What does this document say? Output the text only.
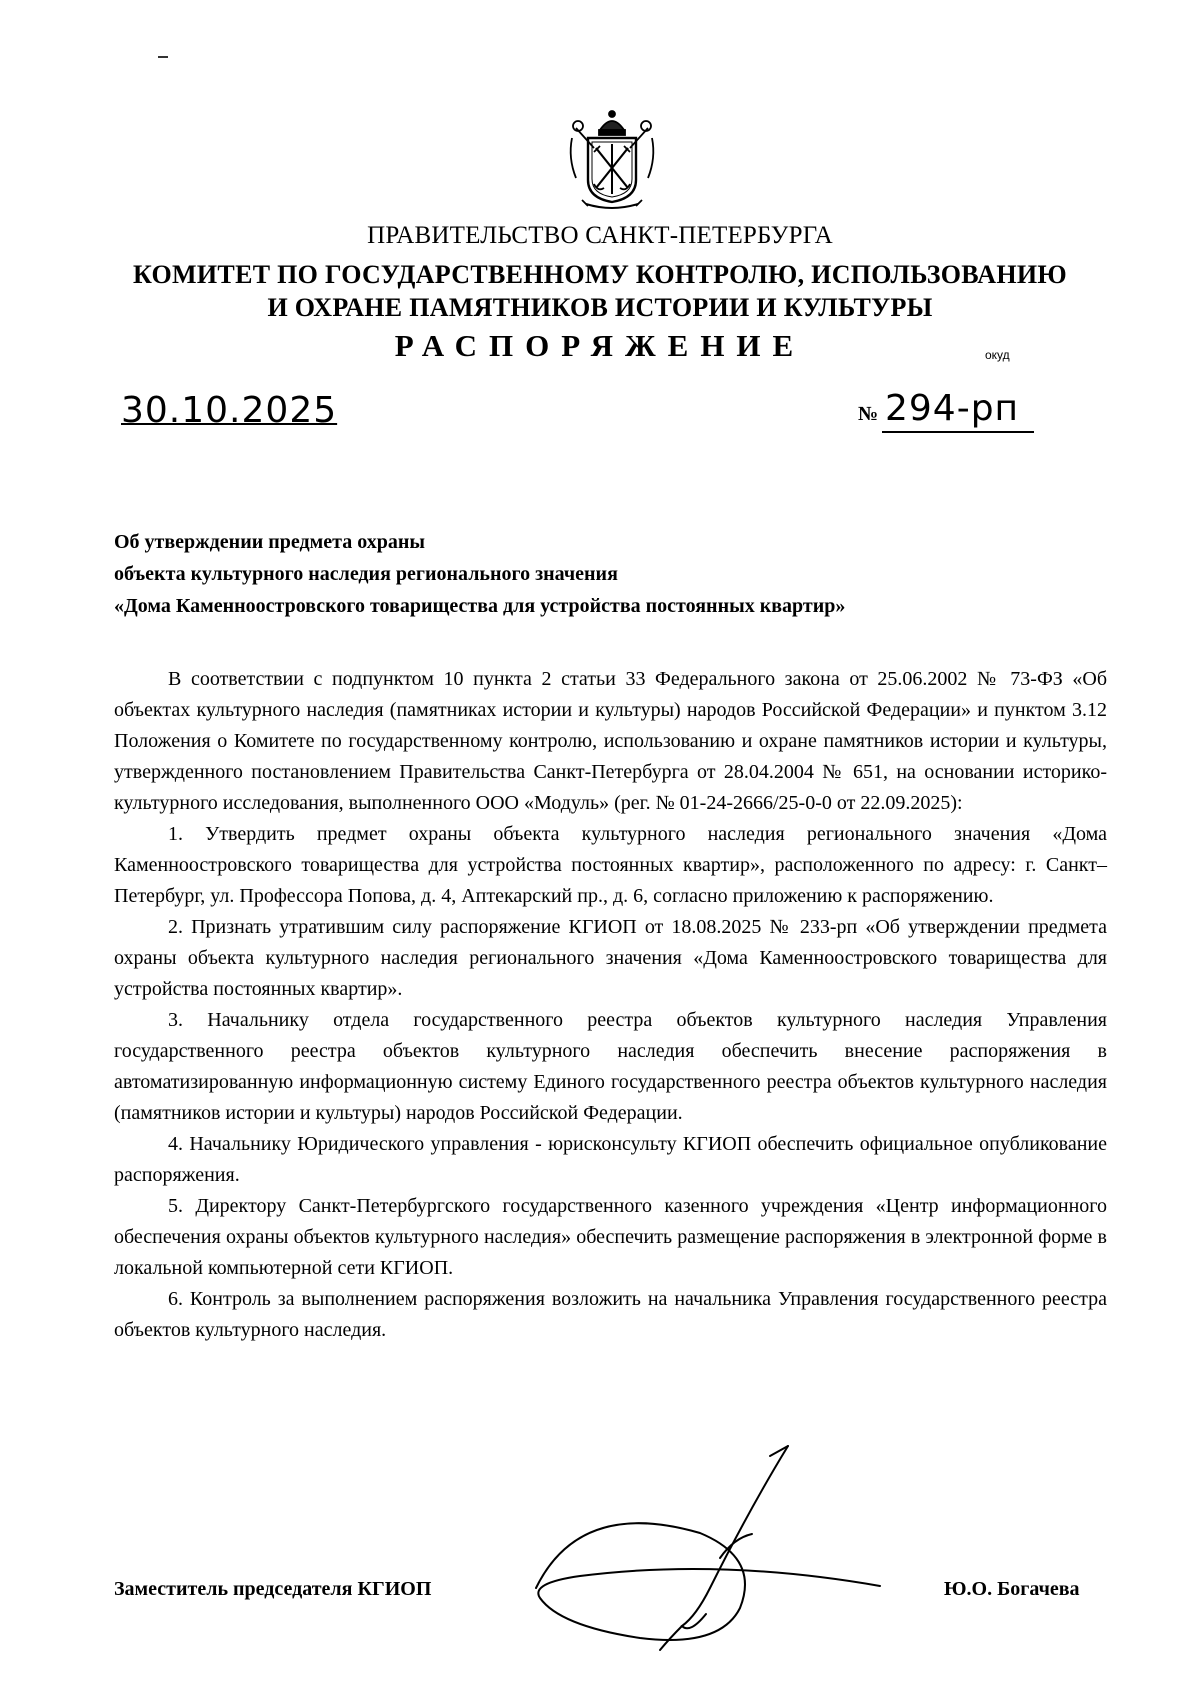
ПРАВИТЕЛЬСТВО САНКТ-ПЕТЕРБУРГА
КОМИТЕТ ПО ГОСУДАРСТВЕННОМУ КОНТРОЛЮ, ИСПОЛЬЗОВАНИЮ
И ОХРАНЕ ПАМЯТНИКОВ ИСТОРИИ И КУЛЬТУРЫ
РАСПОРЯЖЕНИЕ	окуд
30.10.2025	№ 294-рп
Об утверждении предмета охраны
объекта культурного наследия регионального значения
«Дома Каменноостровского товарищества для устройства постоянных квартир»

В соответствии с подпунктом 10 пункта 2 статьи 33 Федерального закона от 25.06.2002 № 73-ФЗ «Об объектах культурного наследия (памятниках истории и культуры) народов Российской Федерации» и пунктом 3.12 Положения о Комитете по государственному контролю, использованию и охране памятников истории и культуры, утвержденного постановлением Правительства Санкт-Петербурга от 28.04.2004 № 651, на основании историко-культурного исследования, выполненного ООО «Модуль» (рег. № 01-24-2666/25-0-0 от 22.09.2025):

1. Утвердить предмет охраны объекта культурного наследия регионального значения «Дома Каменноостровского товарищества для устройства постоянных квартир», расположенного по адресу: г. Санкт–Петербург, ул. Профессора Попова, д. 4, Аптекарский пр., д. 6, согласно приложению к распоряжению.

2. Признать утратившим силу распоряжение КГИОП от 18.08.2025 № 233-рп «Об утверждении предмета охраны объекта культурного наследия регионального значения «Дома Каменноостровского товарищества для устройства постоянных квартир».

3. Начальнику отдела государственного реестра объектов культурного наследия Управления государственного реестра объектов культурного наследия обеспечить внесение распоряжения в автоматизированную информационную систему Единого государственного реестра объектов культурного наследия (памятников истории и культуры) народов Российской Федерации.

4. Начальнику Юридического управления - юрисконсульту КГИОП обеспечить официальное опубликование распоряжения.

5. Директору Санкт-Петербургского государственного казенного учреждения «Центр информационного обеспечения охраны объектов культурного наследия» обеспечить размещение распоряжения в электронной форме в локальной компьютерной сети КГИОП.

6. Контроль за выполнением распоряжения возложить на начальника Управления государственного реестра объектов культурного наследия.

Заместитель председателя КГИОП	Ю.О. Богачева
